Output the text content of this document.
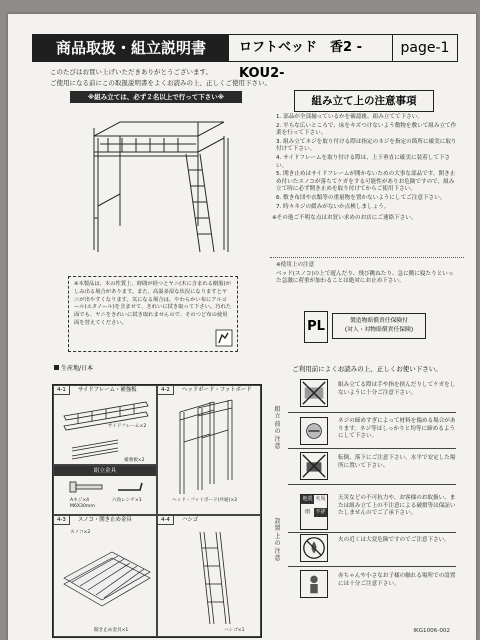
商品取扱・組立説明書	ロフトベッド　香2 -KOU2-
page-1
このたびはお買い上げいただきありがとうございます。
ご使用になる前にこの取扱説明書をよくお読みの上、正しくご使用下さい。
※組み立ては、必ず２名以上で行って下さい※	組み立て上の注意事項

1. 部品が全部揃っているかを確認後、組み立てて下さい。

2. 平らな広いところで、床をキズつけないよう敷物を敷いて組み立て作業を行って下さい。

3. 組み立てネジを取り付ける際は指定のネジを指定の箇所に確実に取り付けて下さい。

4. サイドフレームを取り付ける際は、上下垂直に確実に装着して下さい。

5. 開き止めはサイドフレームが開かないための大事な部品です。開き止め付いたスノコが落ちてケガをする可能性がありお危険ですので、組み立て時に必ず開き止めを取り付けてからご使用下さい。

6. 敷き布団や衣類等の重量物を置かないようにしてご注意下さい。

7. 時々ネジの緩みがないか点検しましょう。

※その他ご不明な点はお買い求めのお店にご連絡下さい。

※使用上の注意

ベッド(スノコ)の上で遊んだり、飛び跳ねたり、急に側に寝たりといった急激に荷重が加わることは絶対にお止め下さい。

※本製品は、木の性質上、時間が経つとヤニ(木に含まれる樹脂)がしみ出る場合があります。また、高温多湿な状況になりますとヤニが出やすくなります。気になる場合は、やわらかい布にアルコール(エタノール)を含ませて、きれいに拭き取って下さい。汚れた面でも、ヤニをきれいに拭き取れませんので、そのつど布の使用面を替えてください。	PL	製造物賠償責任保険付
(対人・対物賠償責任保険)
生産地/日本
4-1	サイドフレーム・補強板
サイドフレーム×2
補強板×2
組立金具
Aネジ×4
M6X30mm
六角レンチ×1
4-2	ヘッドボード・フットボード
ヘッド・フットボード(共通)×2
4-3	スノコ・開き止め金具
スノコ×2
開き止め金具×1
4-4	ハシゴ
ハシゴ×1
ご利用前によくお読みの上、正しくお使い下さい。
組立前の注意
設置上の注意
組み立てる際は手や指を挟んだりしてケガをしないように十分ご注意下さい。
ネジの締めすぎによって材料を傷める場合があります。ネジ等はしっかりと均等に締めるようにして下さい。
転倒、落下にご注意下さい。水平で安定した場所に置いて下さい。
地震 火災
雨	不詳
天災などの不可抗力や、お客様のお取扱い、または組み立て上の不注意による破損等は保証いたしませんのでご了承下さい。
火の近くは大変危険ですのでご注意下さい。
赤ちゃんや小さなお子様の触れる場所での設置には十分ご注意下さい。
IKG1006-002
